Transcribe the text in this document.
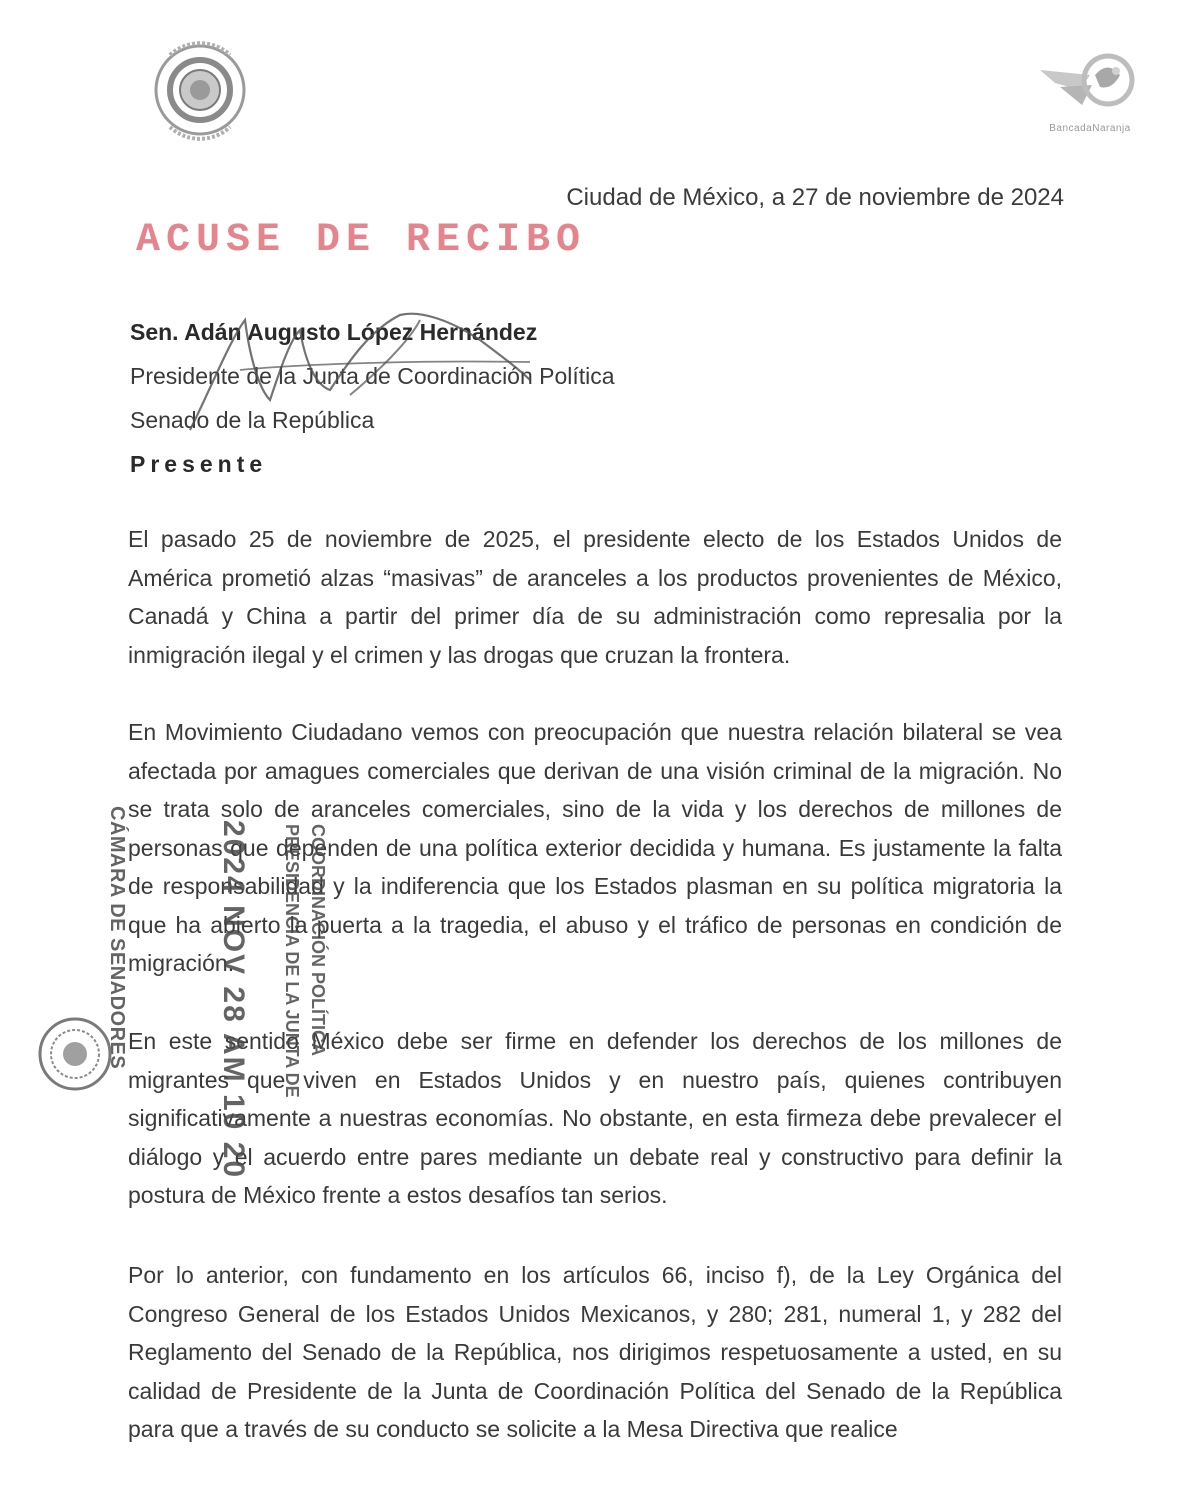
BancadaNaranja
Ciudad de México, a 27 de noviembre de 2024
ACUSE DE RECIBO
Sen. Adán Augusto López Hernández
Presidente de la Junta de Coordinación Política
Senado de la República
Presente

El pasado 25 de noviembre de 2025, el presidente electo de los Estados Unidos de América prometió alzas “masivas” de aranceles a los productos provenientes de México, Canadá y China a partir del primer día de su administración como represalia por la inmigración ilegal y el crimen y las drogas que cruzan la frontera.

En Movimiento Ciudadano vemos con preocupación que nuestra relación bilateral se vea afectada por amagues comerciales que derivan de una visión criminal de la migración. No se trata solo de aranceles comerciales, sino de la vida y los derechos de millones de personas que dependen de una política exterior decidida y humana. Es justamente la falta de responsabilidad y la indiferencia que los Estados plasman en su política migratoria la que ha abierto la puerta a la tragedia, el abuso y el tráfico de personas en condición de migración.

En este sentido México debe ser firme en defender los derechos de los millones de migrantes que viven en Estados Unidos y en nuestro país, quienes contribuyen significativamente a nuestras economías. No obstante, en esta firmeza debe prevalecer el diálogo y el acuerdo entre pares mediante un debate real y constructivo para definir la postura de México frente a estos desafíos tan serios.

Por lo anterior, con fundamento en los artículos 66, inciso f), de la Ley Orgánica del Congreso General de los Estados Unidos Mexicanos, y 280; 281, numeral 1, y 282 del Reglamento del Senado de la República, nos dirigimos respetuosamente a usted, en su calidad de Presidente de la Junta de Coordinación Política del Senado de la República para que a través de su conducto se solicite a la Mesa Directiva que realice

CÁMARA DE SENADORES	2024 NOV 28 AM 10 20 PRESIDENCIA DE LA JUNTA DE COORDINACIÓN POLÍTICA
